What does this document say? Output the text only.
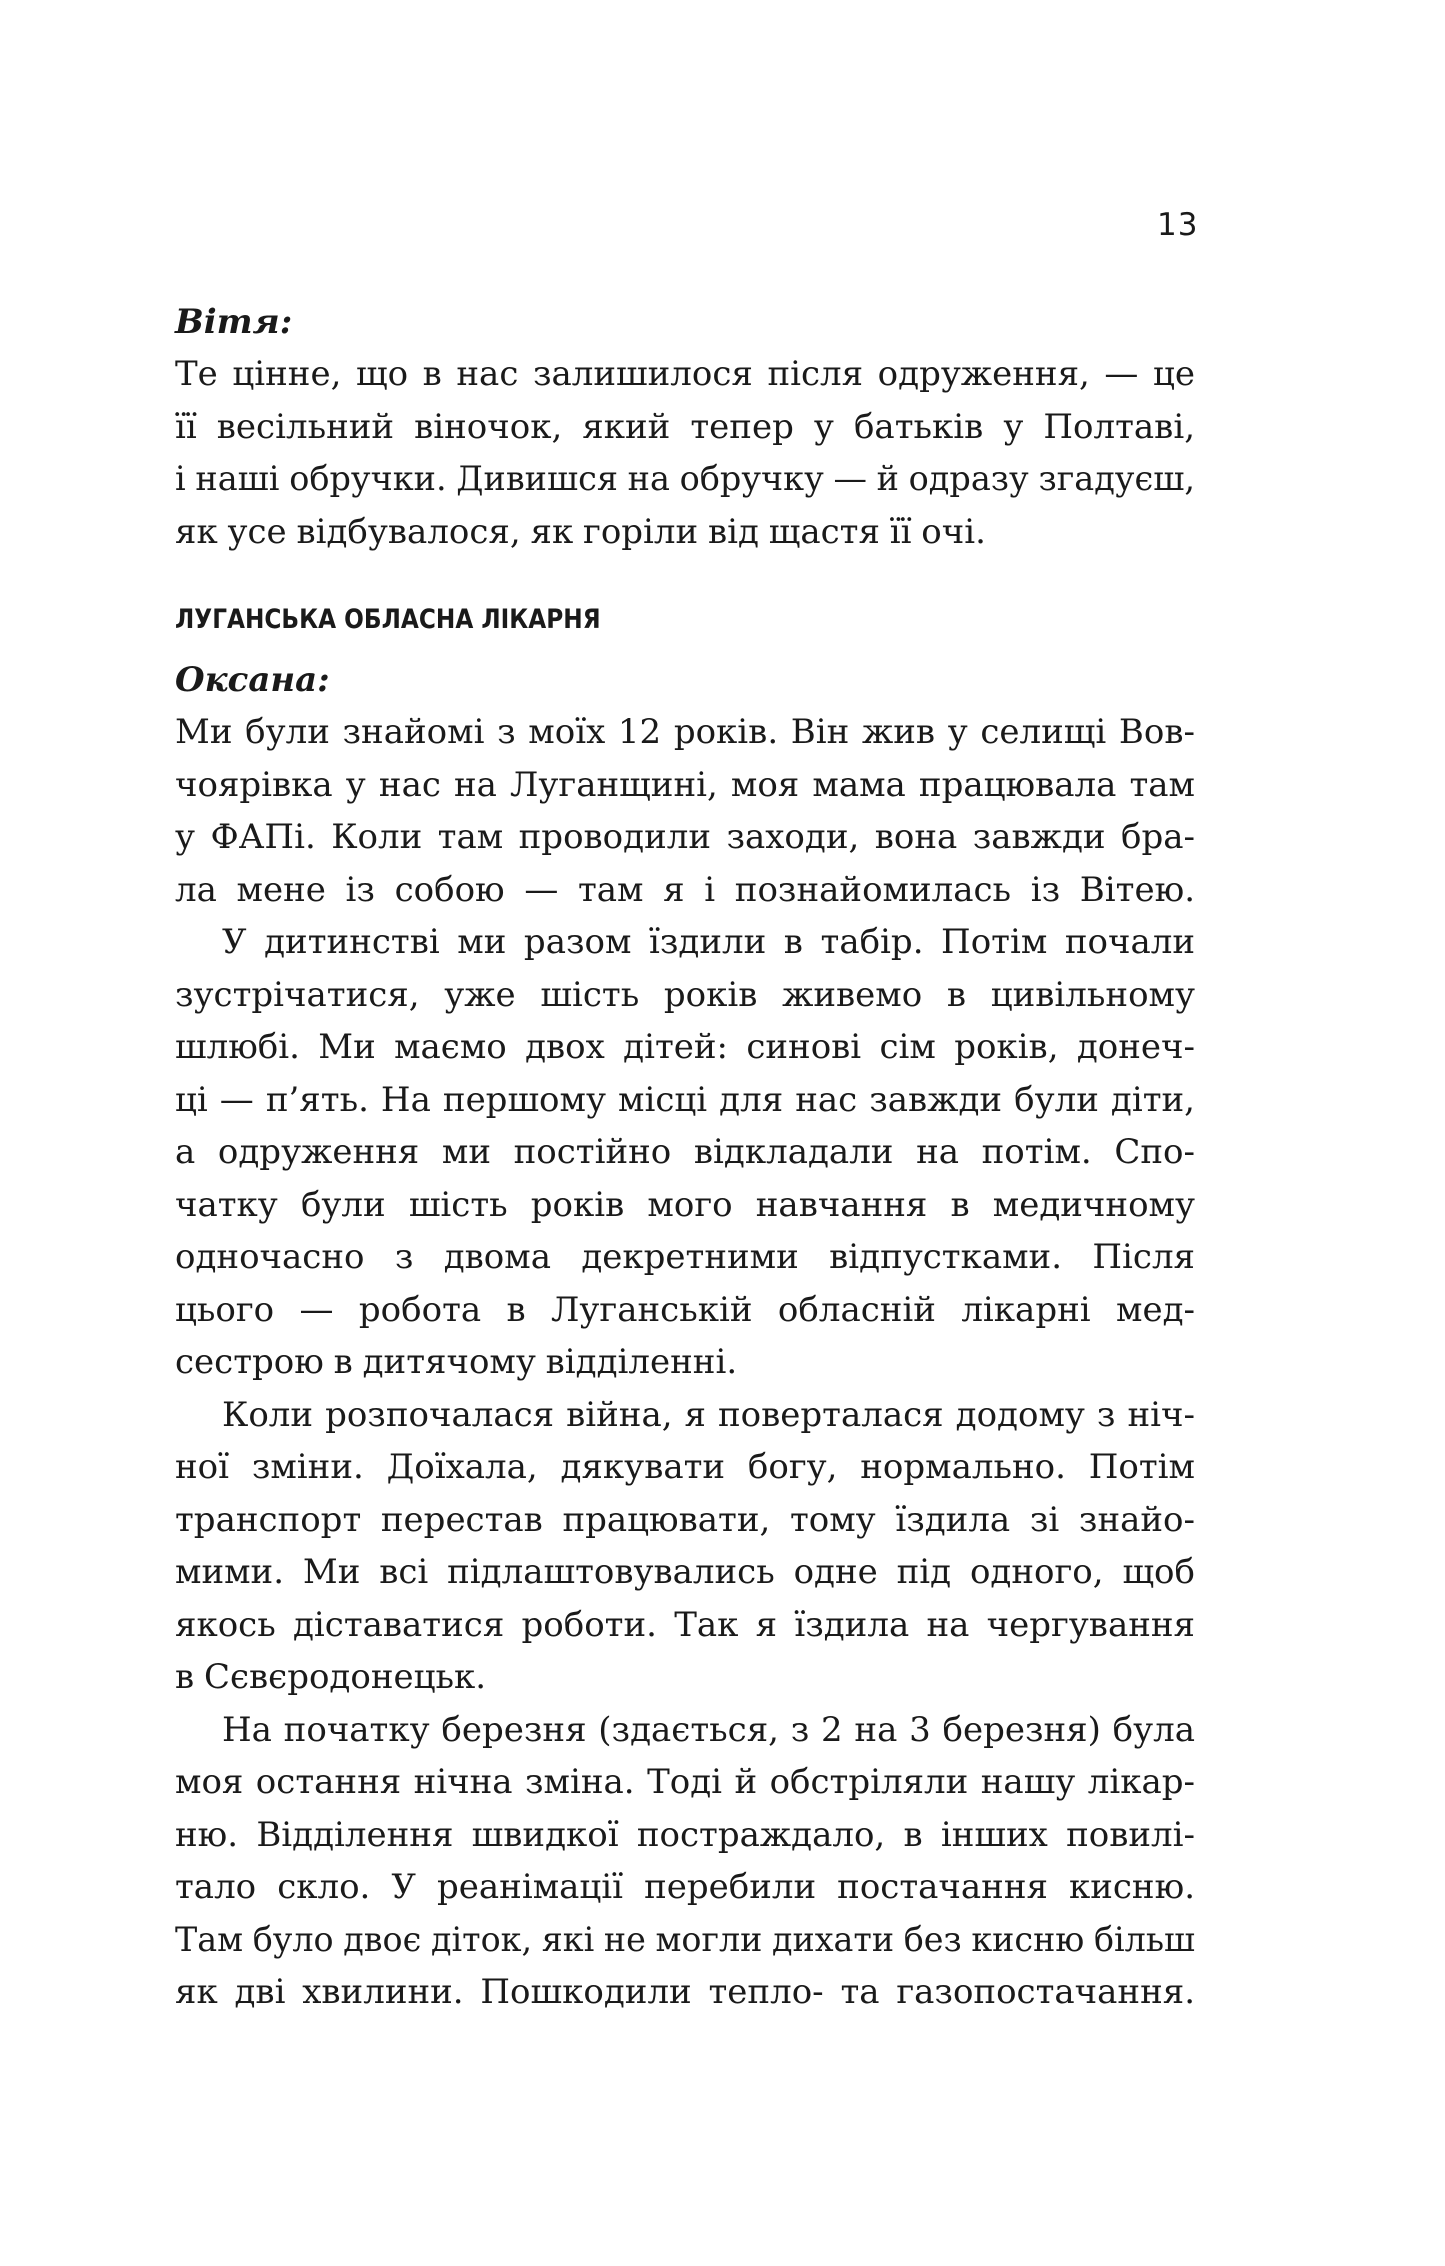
13

Вітя:

Те цінне, що в нас залишилося після одруження, — це
її весільний віночок, який тепер у батьків у Полтаві,
і наші обручки. Дивишся на обручку — й одразу згадуєш,
як усе відбувалося, як горіли від щастя її очі.

ЛУГАНСЬКА ОБЛАСНА ЛІКАРНЯ

Оксана:

Ми були знайомі з моїх 12 років. Він жив у селищі Вов-
чоярівка у нас на Луганщині, моя мама працювала там
у ФАПі. Коли там проводили заходи, вона завжди бра-
ла мене із собою — там я і познайомилась із Вітею.

У дитинстві ми разом їздили в табір. Потім почали
зустрічатися, уже шість років живемо в цивільному
шлюбі. Ми маємо двох дітей: синові сім років, донеч-
ці — п’ять. На першому місці для нас завжди були діти,
а одруження ми постійно відкладали на потім. Спо-
чатку були шість років мого навчання в медичному
одночасно з двома декретними відпустками. Після
цього — робота в Луганській обласній лікарні мед-
сестрою в дитячому відділенні.

Коли розпочалася війна, я поверталася додому з ніч-
ної зміни. Доїхала, дякувати богу, нормально. Потім
транспорт перестав працювати, тому їздила зі знайо-
мими. Ми всі підлаштовувались одне під одного, щоб
якось діставатися роботи. Так я їздила на чергування
в Сєвєродонецьк.

На початку березня (здається, з 2 на 3 березня) була
моя остання нічна зміна. Тоді й обстріляли нашу лікар-
ню. Відділення швидкої постраждало, в інших повилі-
тало скло. У реанімації перебили постачання кисню.
Там було двоє діток, які не могли дихати без кисню більш
як дві хвилини. Пошкодили тепло- та газопостачання.
